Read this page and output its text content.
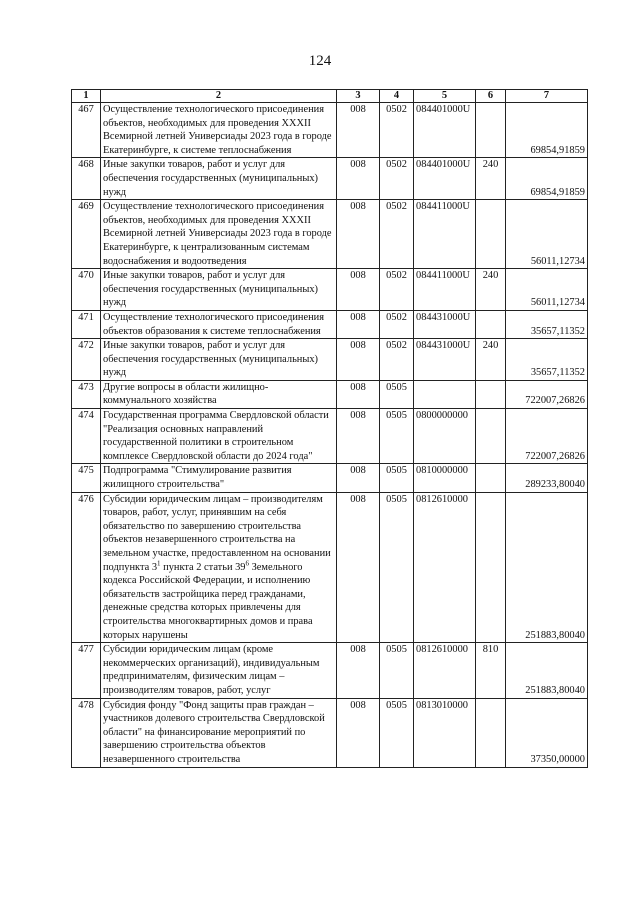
124
1	2	3	4	5	6	7
467	Осуществление технологического присоединения объектов, необходимых для проведения XXXII Всемирной летней Универсиады 2023 года в городе Екатеринбурге, к системе теплоснабжения	008	0502	084401000U		69854,91859
468	Иные закупки товаров, работ и услуг для обеспечения государственных (муниципальных) нужд	008	0502	084401000U	240	69854,91859
469	Осуществление технологического присоединения объектов, необходимых для проведения XXXII Всемирной летней Универсиады 2023 года в городе Екатеринбурге, к централизованным системам водоснабжения и водоотведения	008	0502	084411000U		56011,12734
470	Иные закупки товаров, работ и услуг для обеспечения государственных (муниципальных) нужд	008	0502	084411000U	240	56011,12734
471	Осуществление технологического присоединения объектов образования к системе теплоснабжения	008	0502	084431000U		35657,11352
472	Иные закупки товаров, работ и услуг для обеспечения государственных (муниципальных) нужд	008	0502	084431000U	240	35657,11352
473	Другие вопросы в области жилищно-коммунального хозяйства	008	0505			722007,26826
474	Государственная программа Свердловской области "Реализация основных направлений государственной политики в строительном комплексе Свердловской области до 2024 года"	008	0505	0800000000		722007,26826
475	Подпрограмма "Стимулирование развития жилищного строительства"	008	0505	0810000000		289233,80040
476	Субсидии юридическим лицам – производителям товаров, работ, услуг, принявшим на себя обязательство по завершению строительства объектов незавершенного строительства на земельном участке, предоставленном на основании подпункта $3^1$ пункта 2 статьи $39^6$ Земельного кодекса Российской Федерации, и исполнению обязательств застройщика перед гражданами, денежные средства которых привлечены для строительства многоквартирных домов и права которых нарушены	008	0505	0812610000		251883,80040
477	Субсидии юридическим лицам (кроме некоммерческих организаций), индивидуальным предпринимателям, физическим лицам – производителям товаров, работ, услуг	008	0505	0812610000	810	251883,80040
478	Субсидия фонду "Фонд защиты прав граждан – участников долевого строительства Свердловской области" на финансирование мероприятий по завершению строительства объектов незавершенного строительства	008	0505	0813010000		37350,00000
